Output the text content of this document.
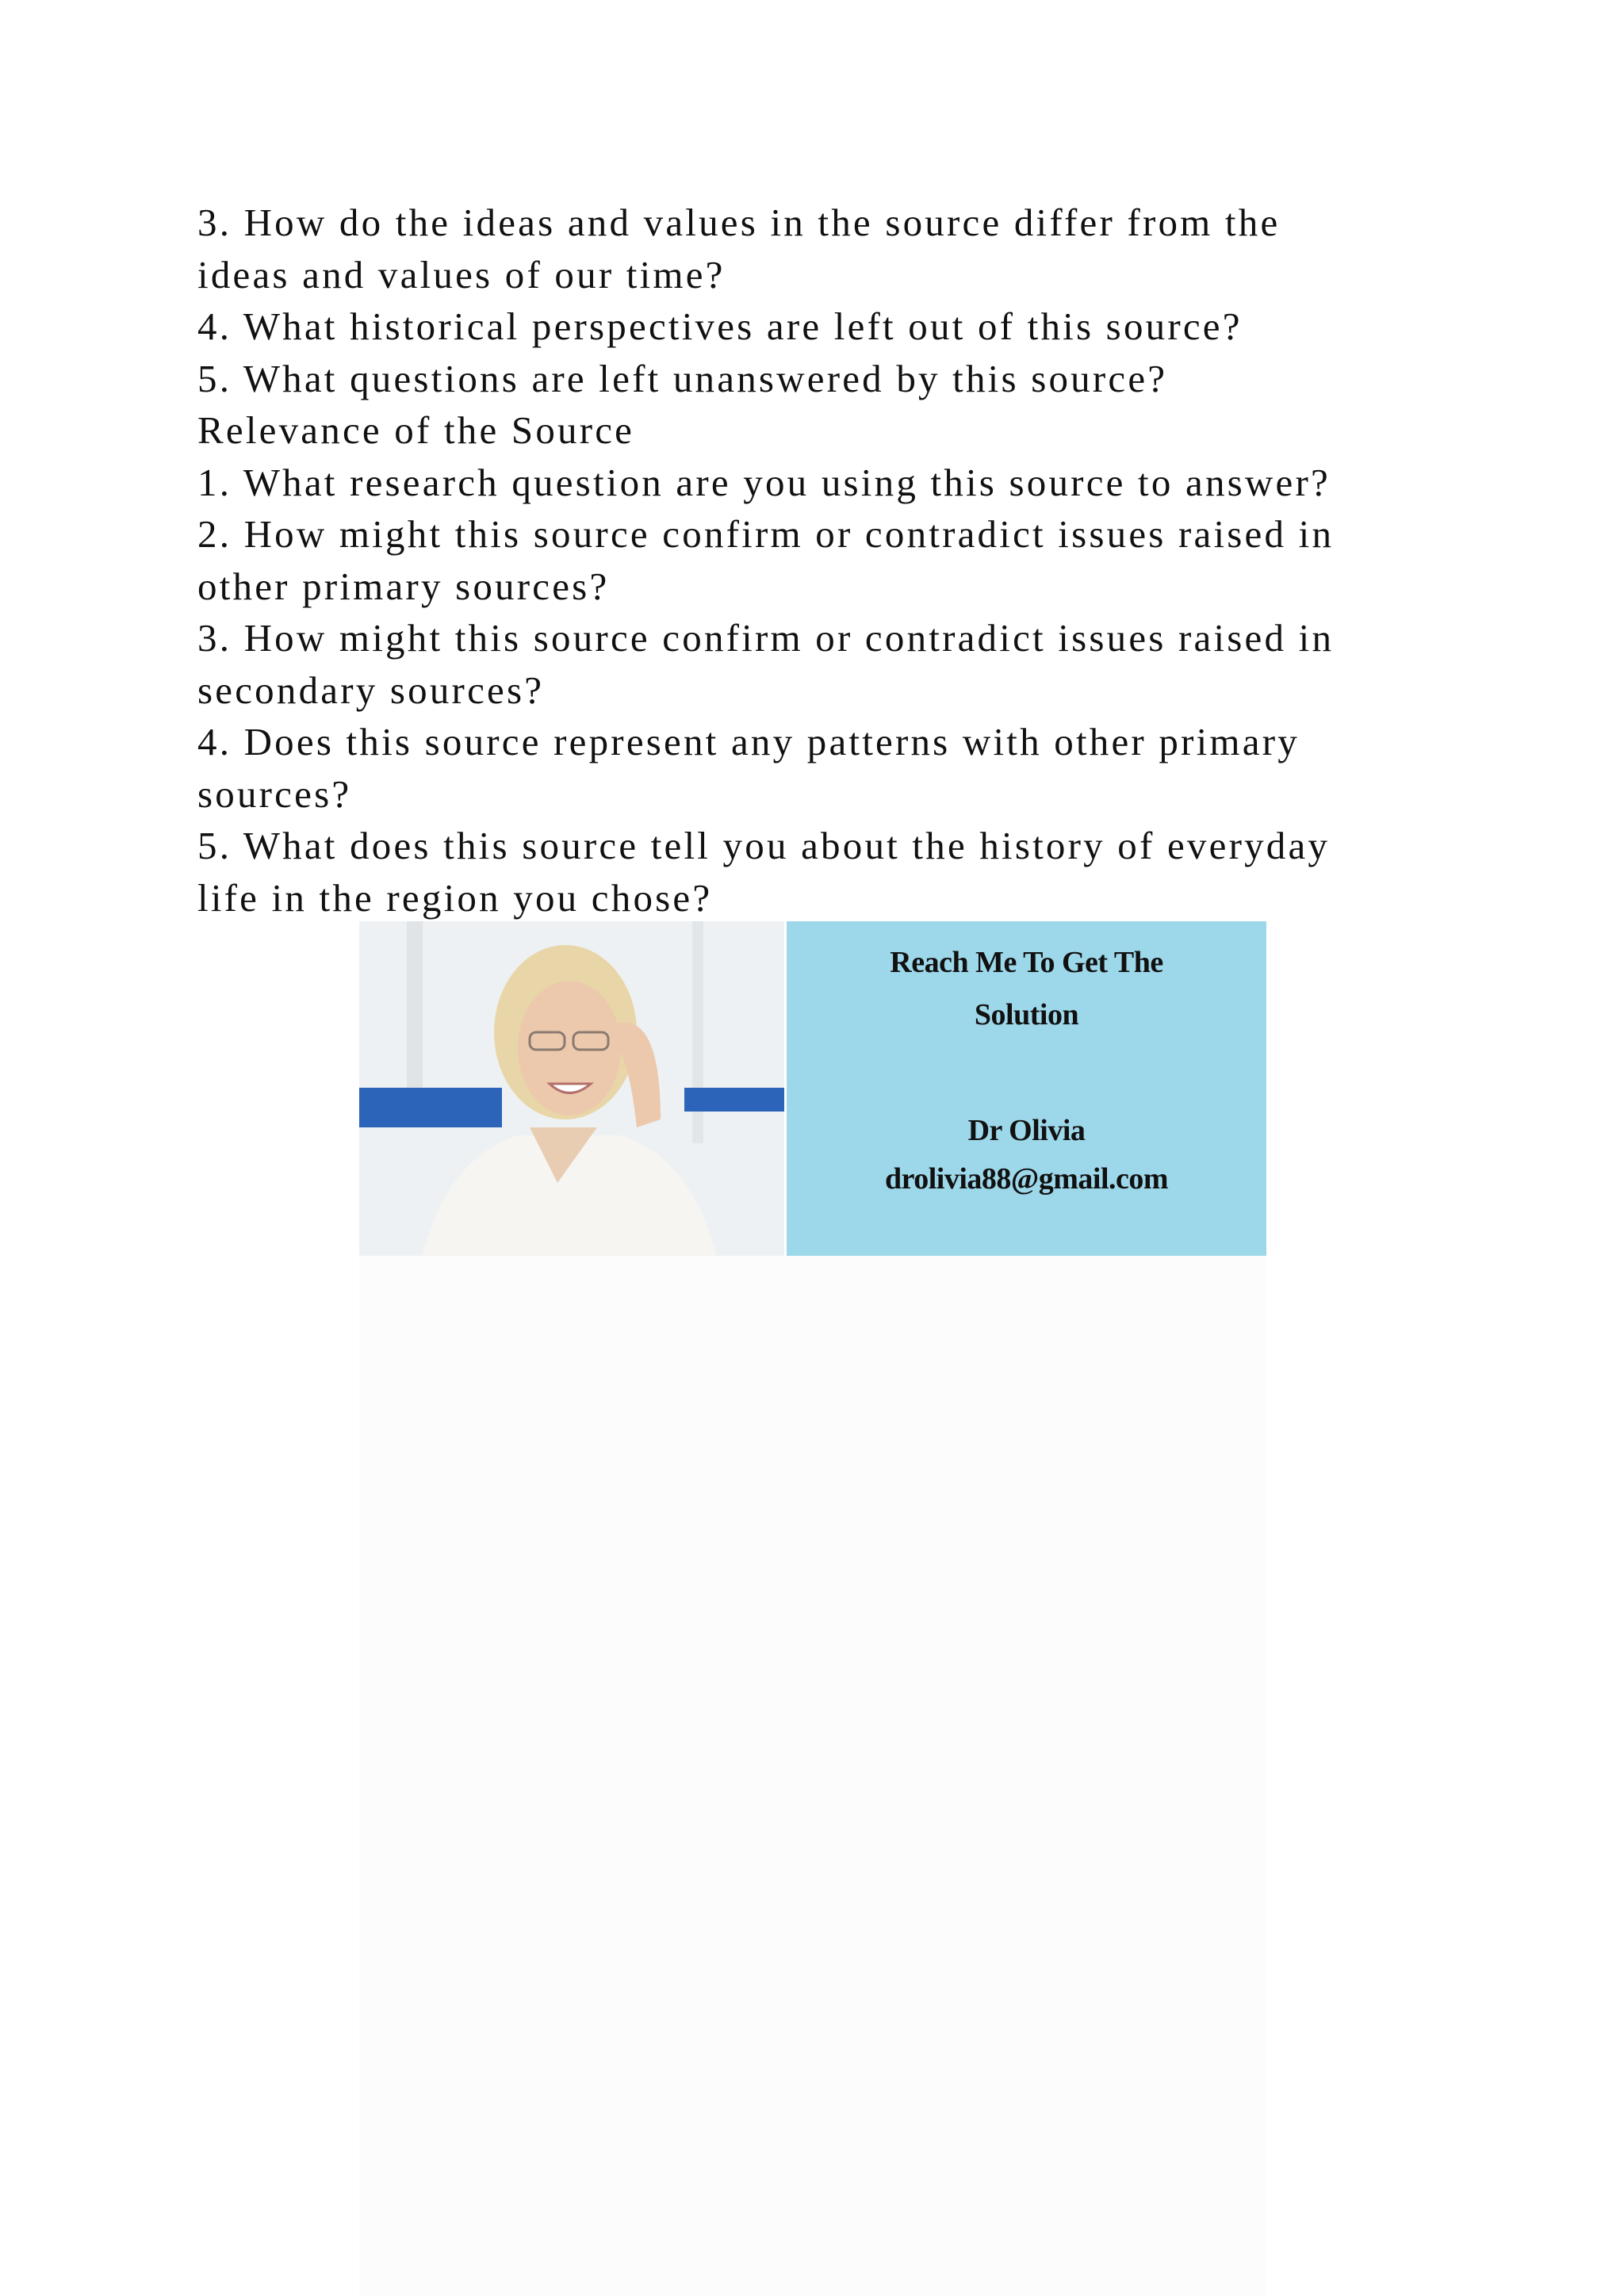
3. How do the ideas and values in the source differ from the
ideas and values of our time?
4. What historical perspectives are left out of this source?
5. What questions are left unanswered by this source?
Relevance of the Source
1. What research question are you using this source to answer?
2. How might this source confirm or contradict issues raised in
other primary sources?
3. How might this source confirm or contradict issues raised in
secondary sources?
4. Does this source represent any patterns with other primary
sources?
5. What does this source tell you about the history of everyday
life in the region you chose?
Reach Me To Get The
Solution
Dr Olivia
drolivia88@gmail.com
